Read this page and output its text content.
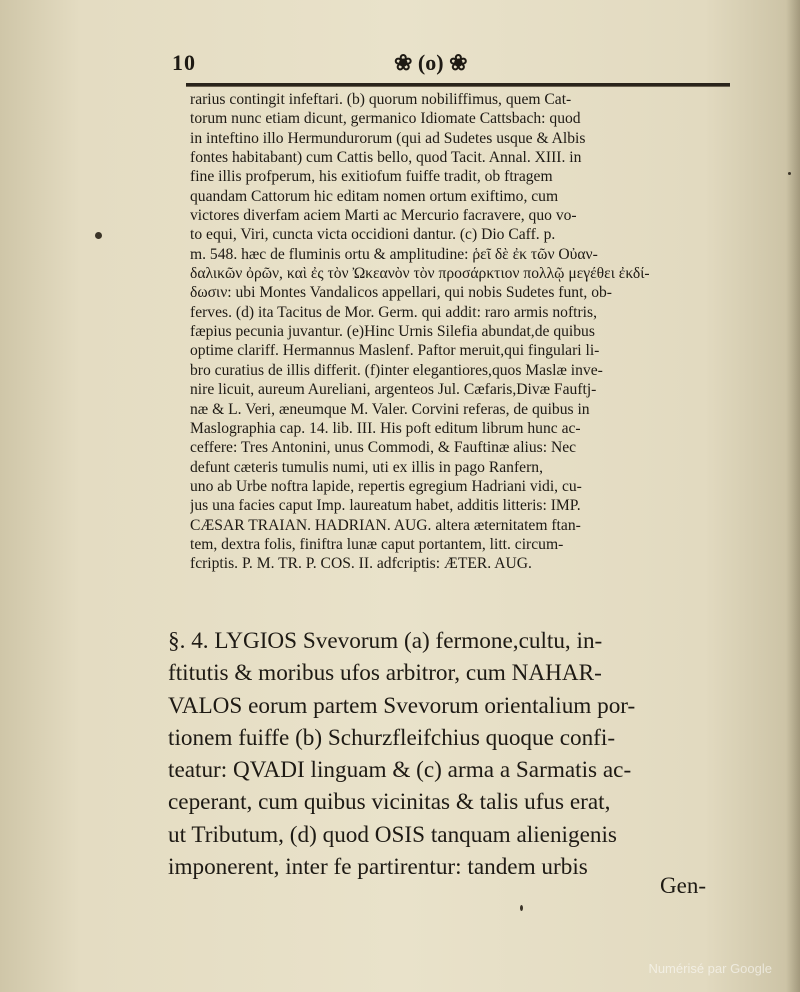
10	❀ (o) ❀

rarius contingit infeftari. (b) quorum nobiliffimus, quem Cat-

torum nunc etiam dicunt, germanico Idiomate Cattsbach: quod

in inteftino illo Hermundurorum (qui ad Sudetes usque & Albis

fontes habitabant) cum Cattis bello, quod Tacit. Annal. XIII. in

fine illis profperum, his exitiofum fuiffe tradit, ob ftragem

quandam Cattorum hic editam nomen ortum exiftimo, cum

victores diverfam aciem Marti ac Mercurio facravere, quo vo-

to equi, Viri, cuncta victa occidioni dantur. (c) Dio Caff. p.

m. 548. hæc de fluminis ortu & amplitudine: ῥεῖ δὲ ἐκ τῶν Οὐαν-

δαλικῶν ὀρῶν, καὶ ἐς τὸν Ὠκεανὸν τὸν προσάρκτιον πολλῷ μεγέθει ἐκδί-

δωσιν: ubi Montes Vandalicos appellari, qui nobis Sudetes funt, ob-

ferves. (d) ita Tacitus de Mor. Germ. qui addit: raro armis noftris,

fæpius pecunia juvantur. (e)Hinc Urnis Silefia abundat,de quibus

optime clariff. Hermannus Maslenf. Paftor meruit,qui fingulari li-

bro curatius de illis differit. (f)inter elegantiores,quos Maslæ inve-

nire licuit, aureum Aureliani, argenteos Jul. Cæfaris,Divæ Fauftj-

næ & L. Veri, æneumque M. Valer. Corvini referas, de quibus in

Maslographia cap. 14. lib. III. His poft editum librum hunc ac-

ceffere: Tres Antonini, unus Commodi, & Fauftinæ alius: Nec

defunt cæteris tumulis numi, uti ex illis in pago Ranfern,

uno ab Urbe noftra lapide, repertis egregium Hadriani vidi, cu-

jus una facies caput Imp. laureatum habet, additis litteris: IMP.

CÆSAR TRAIAN. HADRIAN. AUG. altera æternitatem ftan-

tem, dextra folis, finiftra lunæ caput portantem, litt. circum-

fcriptis. P. M. TR. P. COS. II. adfcriptis: ÆTER. AUG.

§. 4. LYGIOS Svevorum (a) fermone,cultu, in-

ftitutis & moribus ufos arbitror, cum NAHAR-

VALOS eorum partem Svevorum orientalium por-

tionem fuiffe (b) Schurzfleifchius quoque confi-

teatur: QVADI linguam & (c) arma a Sarmatis ac-

ceperant, cum quibus vicinitas & talis ufus erat,

ut Tributum, (d) quod OSIS tanquam alienigenis

imponerent, inter fe partirentur: tandem urbis

Gen-
Numérisé par Google
